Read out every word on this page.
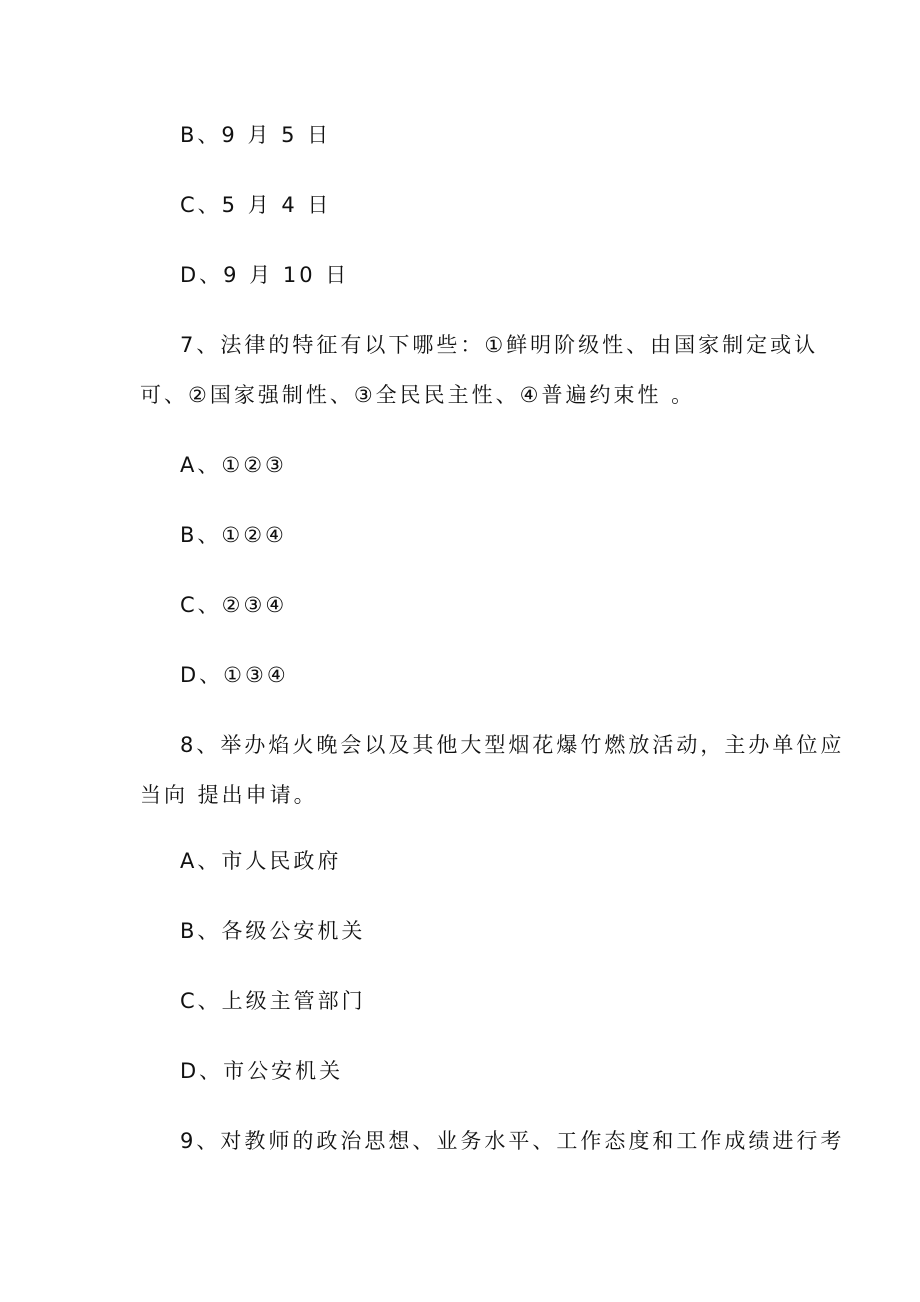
B、9 月 5 日
C、5 月 4 日
D、9 月 10 日
7、法律的特征有以下哪些：①鲜明阶级性、由国家制定或认
可、②国家强制性、③全民民主性、④普遍约束性 。
A、①②③
B、①②④
C、②③④
D、①③④
8、举办焰火晚会以及其他大型烟花爆竹燃放活动，主办单位应
当向 提出申请。
A、市人民政府
B、各级公安机关
C、上级主管部门
D、市公安机关
9、对教师的政治思想、业务水平、工作态度和工作成绩进行考
